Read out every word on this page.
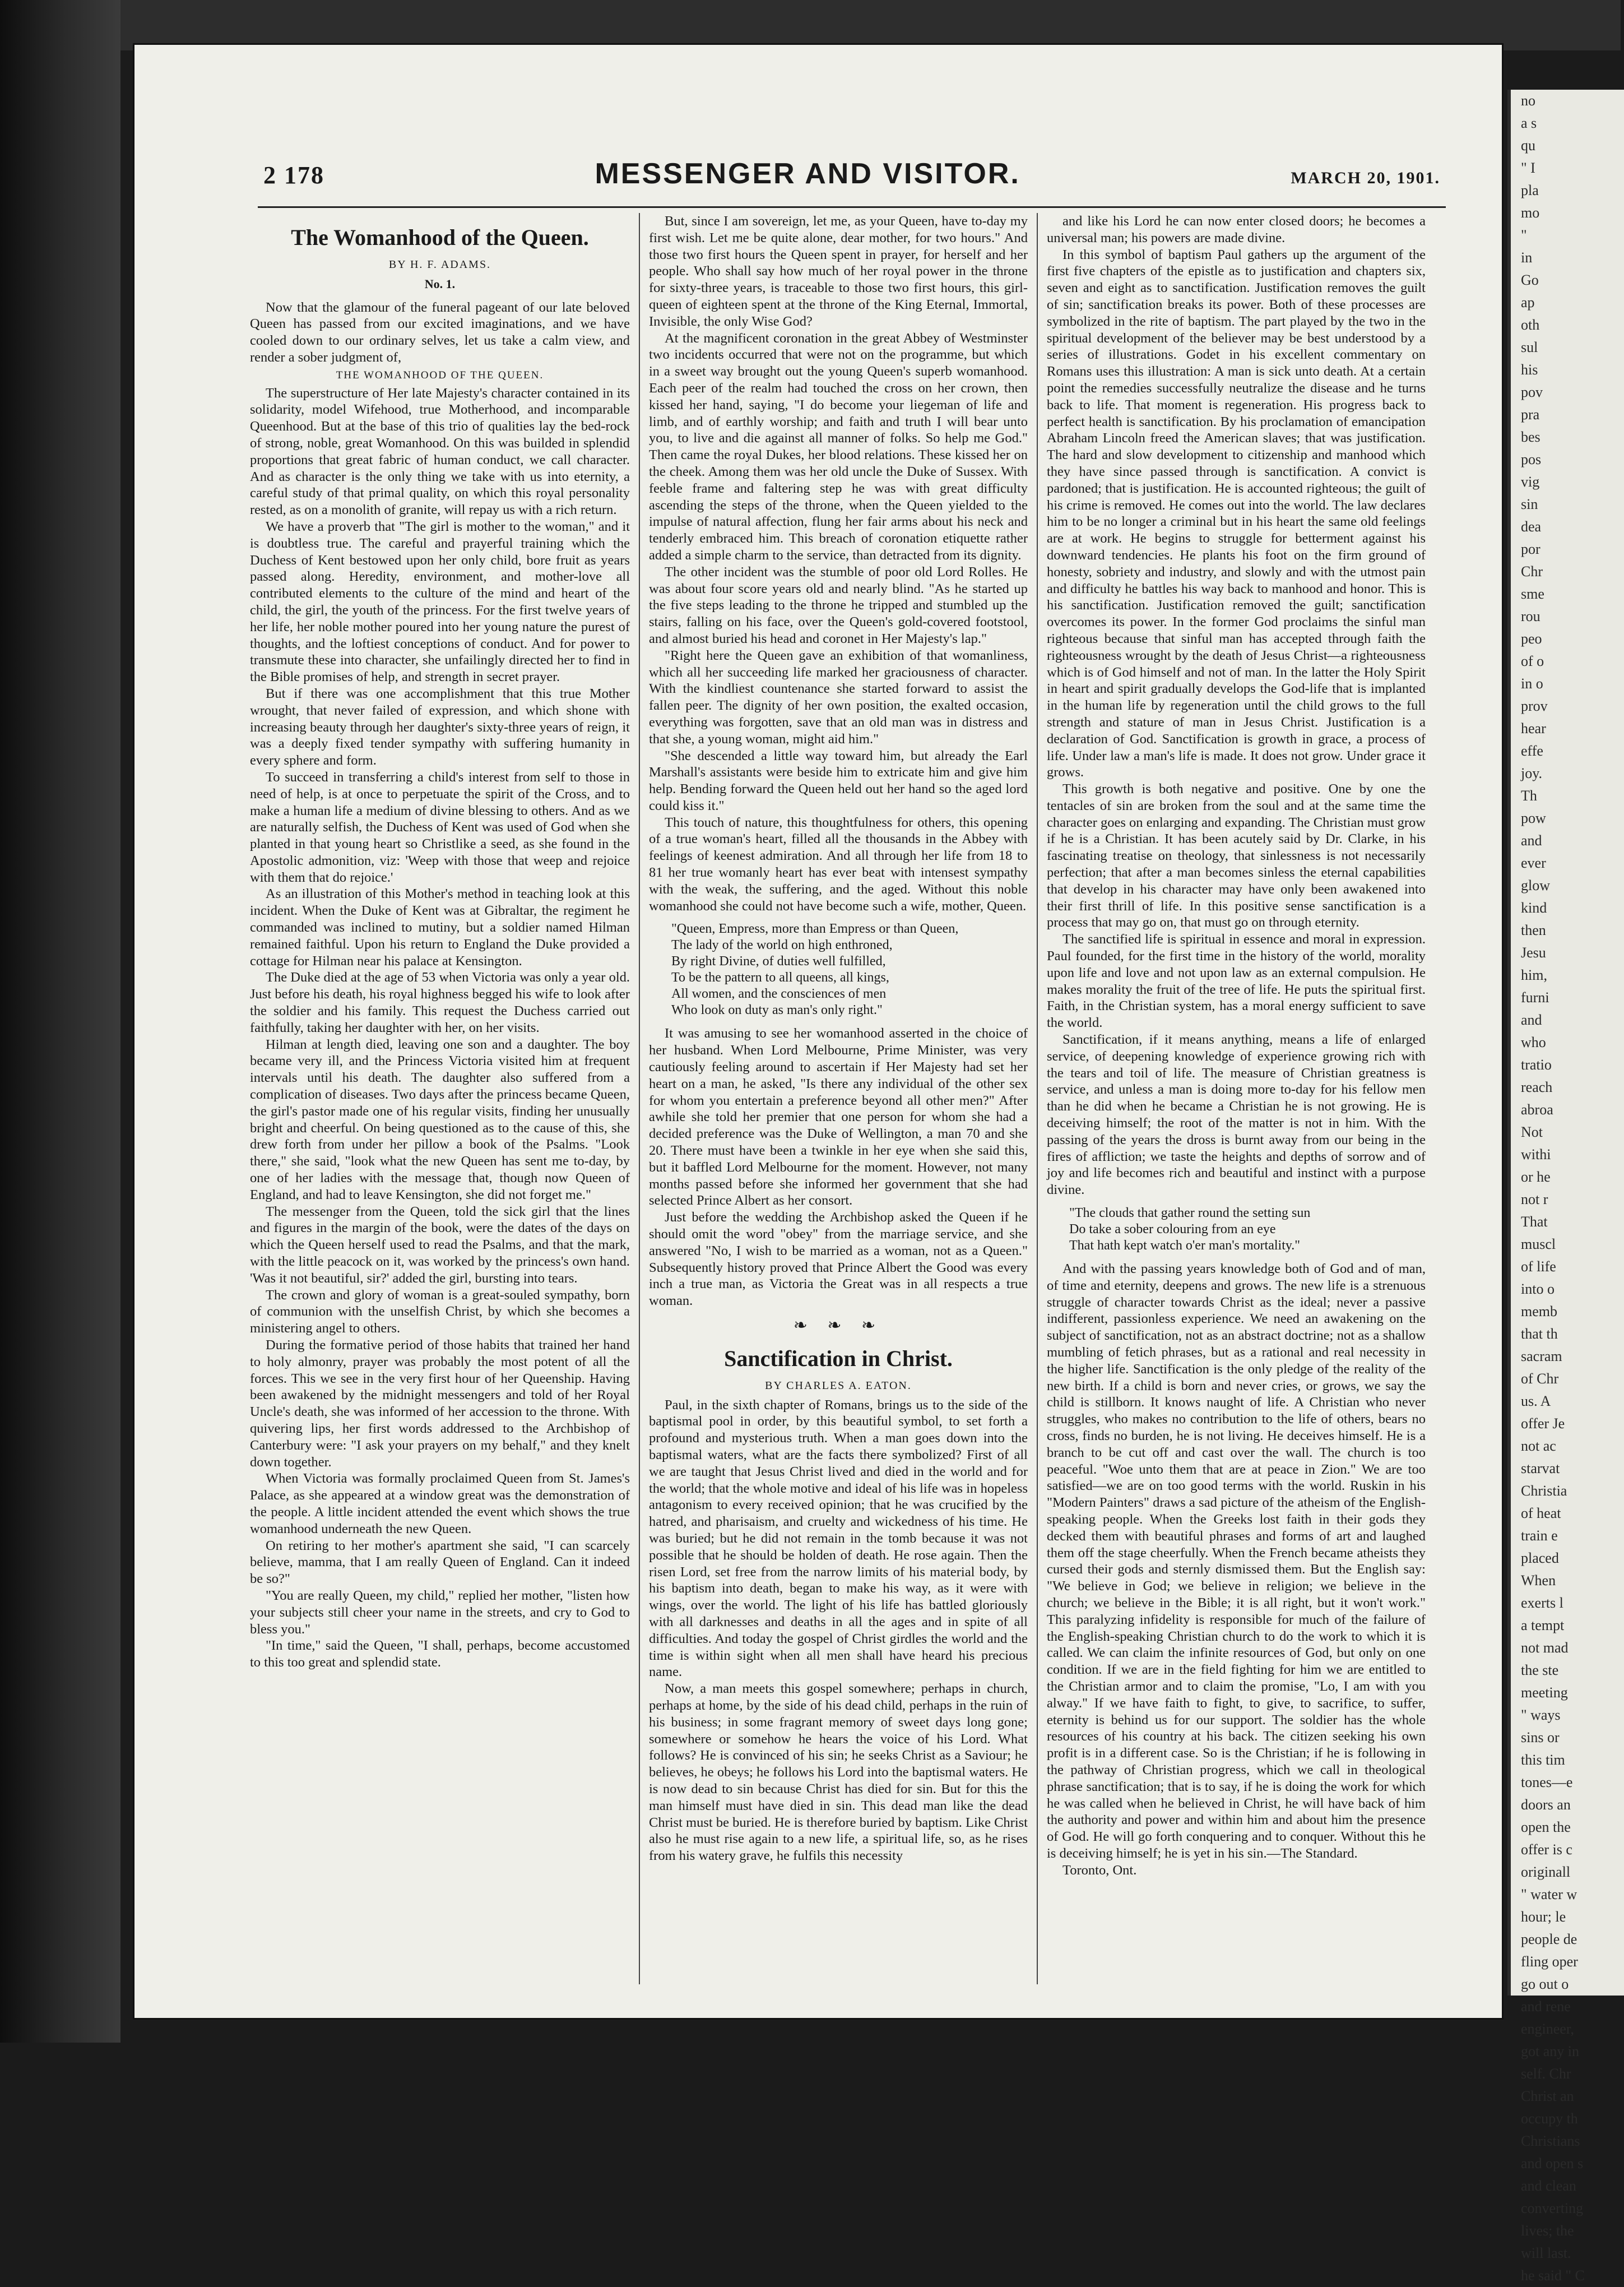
2 178	MESSENGER AND VISITOR.	MARCH 20, 1901.
The Womanhood of the Queen.
BY H. F. ADAMS.
No. 1.

Now that the glamour of the funeral pageant of our late beloved Queen has passed from our excited imaginations, and we have cooled down to our ordinary selves, let us take a calm view, and render a sober judgment of,

THE WOMANHOOD OF THE QUEEN.

The superstructure of Her late Majesty's character contained in its solidarity, model Wifehood, true Motherhood, and incomparable Queenhood. But at the base of this trio of qualities lay the bed-rock of strong, noble, great Womanhood. On this was builded in splendid proportions that great fabric of human conduct, we call character. And as character is the only thing we take with us into eternity, a careful study of that primal quality, on which this royal personality rested, as on a monolith of granite, will repay us with a rich return.

We have a proverb that "The girl is mother to the woman," and it is doubtless true. The careful and prayerful training which the Duchess of Kent bestowed upon her only child, bore fruit as years passed along. Heredity, environment, and mother-love all contributed elements to the culture of the mind and heart of the child, the girl, the youth of the princess. For the first twelve years of her life, her noble mother poured into her young nature the purest of thoughts, and the loftiest conceptions of conduct. And for power to transmute these into character, she unfailingly directed her to find in the Bible promises of help, and strength in secret prayer.

But if there was one accomplishment that this true Mother wrought, that never failed of expression, and which shone with increasing beauty through her daughter's sixty-three years of reign, it was a deeply fixed tender sympathy with suffering humanity in every sphere and form.

To succeed in transferring a child's interest from self to those in need of help, is at once to perpetuate the spirit of the Cross, and to make a human life a medium of divine blessing to others. And as we are naturally selfish, the Duchess of Kent was used of God when she planted in that young heart so Christlike a seed, as she found in the Apostolic admonition, viz: 'Weep with those that weep and rejoice with them that do rejoice.'

As an illustration of this Mother's method in teaching look at this incident. When the Duke of Kent was at Gibraltar, the regiment he commanded was inclined to mutiny, but a soldier named Hilman remained faithful. Upon his return to England the Duke provided a cottage for Hilman near his palace at Kensington.

The Duke died at the age of 53 when Victoria was only a year old. Just before his death, his royal highness begged his wife to look after the soldier and his family. This request the Duchess carried out faithfully, taking her daughter with her, on her visits.

Hilman at length died, leaving one son and a daughter. The boy became very ill, and the Princess Victoria visited him at frequent intervals until his death. The daughter also suffered from a complication of diseases. Two days after the princess became Queen, the girl's pastor made one of his regular visits, finding her unusually bright and cheerful. On being questioned as to the cause of this, she drew forth from under her pillow a book of the Psalms. "Look there," she said, "look what the new Queen has sent me to-day, by one of her ladies with the message that, though now Queen of England, and had to leave Kensington, she did not forget me."

The messenger from the Queen, told the sick girl that the lines and figures in the margin of the book, were the dates of the days on which the Queen herself used to read the Psalms, and that the mark, with the little peacock on it, was worked by the princess's own hand. 'Was it not beautiful, sir?' added the girl, bursting into tears.

The crown and glory of woman is a great-souled sympathy, born of communion with the unselfish Christ, by which she becomes a ministering angel to others.

During the formative period of those habits that trained her hand to holy almonry, prayer was probably the most potent of all the forces. This we see in the very first hour of her Queenship. Having been awakened by the midnight messengers and told of her Royal Uncle's death, she was informed of her accession to the throne. With quivering lips, her first words addressed to the Archbishop of Canterbury were: "I ask your prayers on my behalf," and they knelt down together.

When Victoria was formally proclaimed Queen from St. James's Palace, as she appeared at a window great was the demonstration of the people. A little incident attended the event which shows the true womanhood underneath the new Queen.

On retiring to her mother's apartment she said, "I can scarcely believe, mamma, that I am really Queen of England. Can it indeed be so?"

"You are really Queen, my child," replied her mother, "listen how your subjects still cheer your name in the streets, and cry to God to bless you."

"In time," said the Queen, "I shall, perhaps, become accustomed to this too great and splendid state.

But, since I am sovereign, let me, as your Queen, have to-day my first wish. Let me be quite alone, dear mother, for two hours." And those two first hours the Queen spent in prayer, for herself and her people. Who shall say how much of her royal power in the throne for sixty-three years, is traceable to those two first hours, this girl-queen of eighteen spent at the throne of the King Eternal, Immortal, Invisible, the only Wise God?

At the magnificent coronation in the great Abbey of Westminster two incidents occurred that were not on the programme, but which in a sweet way brought out the young Queen's superb womanhood. Each peer of the realm had touched the cross on her crown, then kissed her hand, saying, "I do become your liegeman of life and limb, and of earthly worship; and faith and truth I will bear unto you, to live and die against all manner of folks. So help me God." Then came the royal Dukes, her blood relations. These kissed her on the cheek. Among them was her old uncle the Duke of Sussex. With feeble frame and faltering step he was with great difficulty ascending the steps of the throne, when the Queen yielded to the impulse of natural affection, flung her fair arms about his neck and tenderly embraced him. This breach of coronation etiquette rather added a simple charm to the service, than detracted from its dignity.

The other incident was the stumble of poor old Lord Rolles. He was about four score years old and nearly blind. "As he started up the five steps leading to the throne he tripped and stumbled up the stairs, falling on his face, over the Queen's gold-covered footstool, and almost buried his head and coronet in Her Majesty's lap."

"Right here the Queen gave an exhibition of that womanliness, which all her succeeding life marked her graciousness of character. With the kindliest countenance she started forward to assist the fallen peer. The dignity of her own position, the exalted occasion, everything was forgotten, save that an old man was in distress and that she, a young woman, might aid him."

"She descended a little way toward him, but already the Earl Marshall's assistants were beside him to extricate him and give him help. Bending forward the Queen held out her hand so the aged lord could kiss it."

This touch of nature, this thoughtfulness for others, this opening of a true woman's heart, filled all the thousands in the Abbey with feelings of keenest admiration. And all through her life from 18 to 81 her true womanly heart has ever beat with intensest sympathy with the weak, the suffering, and the aged. Without this noble womanhood she could not have become such a wife, mother, Queen.

"Queen, Empress, more than Empress or than Queen,
The lady of the world on high enthroned,
By right Divine, of duties well fulfilled,
To be the pattern to all queens, all kings,
All women, and the consciences of men
Who look on duty as man's only right."

It was amusing to see her womanhood asserted in the choice of her husband. When Lord Melbourne, Prime Minister, was very cautiously feeling around to ascertain if Her Majesty had set her heart on a man, he asked, "Is there any individual of the other sex for whom you entertain a preference beyond all other men?" After awhile she told her premier that one person for whom she had a decided preference was the Duke of Wellington, a man 70 and she 20. There must have been a twinkle in her eye when she said this, but it baffled Lord Melbourne for the moment. However, not many months passed before she informed her government that she had selected Prince Albert as her consort.

Just before the wedding the Archbishop asked the Queen if he should omit the word "obey" from the marriage service, and she answered "No, I wish to be married as a woman, not as a Queen." Subsequently history proved that Prince Albert the Good was every inch a true man, as Victoria the Great was in all respects a true woman.

❧ ❧ ❧
Sanctification in Christ.
BY CHARLES A. EATON.

Paul, in the sixth chapter of Romans, brings us to the side of the baptismal pool in order, by this beautiful symbol, to set forth a profound and mysterious truth. When a man goes down into the baptismal waters, what are the facts there symbolized? First of all we are taught that Jesus Christ lived and died in the world and for the world; that the whole motive and ideal of his life was in hopeless antagonism to every received opinion; that he was crucified by the hatred, and pharisaism, and cruelty and wickedness of his time. He was buried; but he did not remain in the tomb because it was not possible that he should be holden of death. He rose again. Then the risen Lord, set free from the narrow limits of his material body, by his baptism into death, began to make his way, as it were with wings, over the world. The light of his life has battled gloriously with all darknesses and deaths in all the ages and in spite of all difficulties. And today the gospel of Christ girdles the world and the time is within sight when all men shall have heard his precious name.

Now, a man meets this gospel somewhere; perhaps in church, perhaps at home, by the side of his dead child, perhaps in the ruin of his business; in some fragrant memory of sweet days long gone; somewhere or somehow he hears the voice of his Lord. What follows? He is convinced of his sin; he seeks Christ as a Saviour; he believes, he obeys; he follows his Lord into the baptismal waters. He is now dead to sin because Christ has died for sin. But for this the man himself must have died in sin. This dead man like the dead Christ must be buried. He is therefore buried by baptism. Like Christ also he must rise again to a new life, a spiritual life, so, as he rises from his watery grave, he fulfils this necessity

and like his Lord he can now enter closed doors; he becomes a universal man; his powers are made divine.

In this symbol of baptism Paul gathers up the argument of the first five chapters of the epistle as to justification and chapters six, seven and eight as to sanctification. Justification removes the guilt of sin; sanctification breaks its power. Both of these processes are symbolized in the rite of baptism. The part played by the two in the spiritual development of the believer may be best understood by a series of illustrations. Godet in his excellent commentary on Romans uses this illustration: A man is sick unto death. At a certain point the remedies successfully neutralize the disease and he turns back to life. That moment is regeneration. His progress back to perfect health is sanctification. By his proclamation of emancipation Abraham Lincoln freed the American slaves; that was justification. The hard and slow development to citizenship and manhood which they have since passed through is sanctification. A convict is pardoned; that is justification. He is accounted righteous; the guilt of his crime is removed. He comes out into the world. The law declares him to be no longer a criminal but in his heart the same old feelings are at work. He begins to struggle for betterment against his downward tendencies. He plants his foot on the firm ground of honesty, sobriety and industry, and slowly and with the utmost pain and difficulty he battles his way back to manhood and honor. This is his sanctification. Justification removed the guilt; sanctification overcomes its power. In the former God proclaims the sinful man righteous because that sinful man has accepted through faith the righteousness wrought by the death of Jesus Christ—a righteousness which is of God himself and not of man. In the latter the Holy Spirit in heart and spirit gradually develops the God-life that is implanted in the human life by regeneration until the child grows to the full strength and stature of man in Jesus Christ. Justification is a declaration of God. Sanctification is growth in grace, a process of life. Under law a man's life is made. It does not grow. Under grace it grows.

This growth is both negative and positive. One by one the tentacles of sin are broken from the soul and at the same time the character goes on enlarging and expanding. The Christian must grow if he is a Christian. It has been acutely said by Dr. Clarke, in his fascinating treatise on theology, that sinlessness is not necessarily perfection; that after a man becomes sinless the eternal capabilities that develop in his character may have only been awakened into their first thrill of life. In this positive sense sanctification is a process that may go on, that must go on through eternity.

The sanctified life is spiritual in essence and moral in expression. Paul founded, for the first time in the history of the world, morality upon life and love and not upon law as an external compulsion. He makes morality the fruit of the tree of life. He puts the spiritual first. Faith, in the Christian system, has a moral energy sufficient to save the world.

Sanctification, if it means anything, means a life of enlarged service, of deepening knowledge of experience growing rich with the tears and toil of life. The measure of Christian greatness is service, and unless a man is doing more to-day for his fellow men than he did when he became a Christian he is not growing. He is deceiving himself; the root of the matter is not in him. With the passing of the years the dross is burnt away from our being in the fires of affliction; we taste the heights and depths of sorrow and of joy and life becomes rich and beautiful and instinct with a purpose divine.

"The clouds that gather round the setting sun
Do take a sober colouring from an eye
That hath kept watch o'er man's mortality."

And with the passing years knowledge both of God and of man, of time and eternity, deepens and grows. The new life is a strenuous struggle of character towards Christ as the ideal; never a passive indifferent, passionless experience. We need an awakening on the subject of sanctification, not as an abstract doctrine; not as a shallow mumbling of fetich phrases, but as a rational and real necessity in the higher life. Sanctification is the only pledge of the reality of the new birth. If a child is born and never cries, or grows, we say the child is stillborn. It knows naught of life. A Christian who never struggles, who makes no contribution to the life of others, bears no cross, finds no burden, he is not living. He deceives himself. He is a branch to be cut off and cast over the wall. The church is too peaceful. "Woe unto them that are at peace in Zion." We are too satisfied—we are on too good terms with the world. Ruskin in his "Modern Painters" draws a sad picture of the atheism of the English-speaking people. When the Greeks lost faith in their gods they decked them with beautiful phrases and forms of art and laughed them off the stage cheerfully. When the French became atheists they cursed their gods and sternly dismissed them. But the English say: "We believe in God; we believe in religion; we believe in the church; we believe in the Bible; it is all right, but it won't work." This paralyzing infidelity is responsible for much of the failure of the English-speaking Christian church to do the work to which it is called. We can claim the infinite resources of God, but only on one condition. If we are in the field fighting for him we are entitled to the Christian armor and to claim the promise, "Lo, I am with you alway." If we have faith to fight, to give, to sacrifice, to suffer, eternity is behind us for our support. The soldier has the whole resources of his country at his back. The citizen seeking his own profit is in a different case. So is the Christian; if he is following in the pathway of Christian progress, which we call in theological phrase sanctification; that is to say, if he is doing the work for which he was called when he believed in Christ, he will have back of him the authority and power and within him and about him the presence of God. He will go forth conquering and to conquer. Without this he is deceiving himself; he is yet in his sin.—The Standard.

Toronto, Ont.

no
a s
qu
" I
pla
mo
"
in
Go
ap
oth
sul
his
pov
pra
bes
pos
vig
sin
dea
por
Chr
sme
rou
peo
of o
in o
prov
hear
effe
joy.
Th
pow
and
ever
glow
kind
then
Jesu
him,
furni
and
who
tratio
reach
abroa
Not
withi
or he
not r
That
muscl
of life
into o
memb
that th
sacram
of Chr
us. A
offer Je
not ac
starvat
Christia
of heat
train e
placed
When
exerts l
a tempt
not mad
the ste
meeting
" ways
sins or
this tim
tones—e
doors an
open the
offer is c
originall
" water w
hour; le
people de
fling oper
go out o
and rene
engineer,
got any in
self. Chr
Christ an
occupy th
Christians
and open s
and clean
converting
lives; the
will last.
he said " C
